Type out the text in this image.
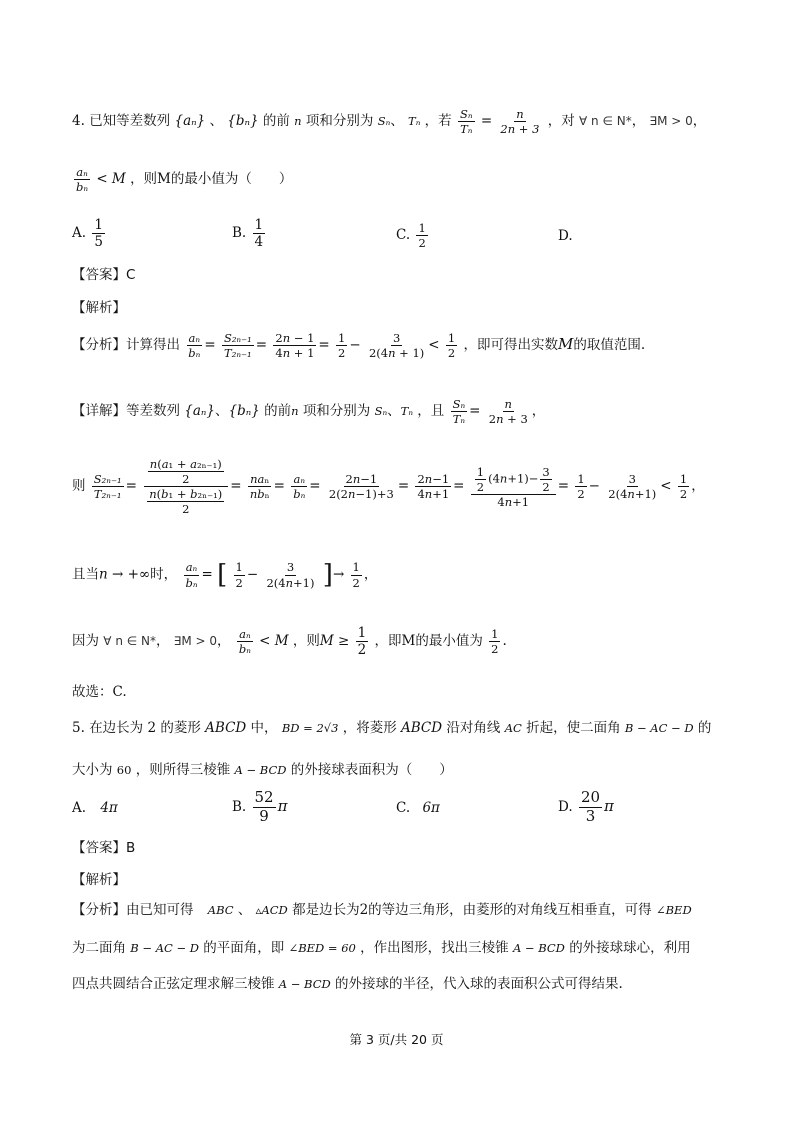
4. 已知等差数列 {aₙ} 、 {bₙ} 的前 n 项和分别为 Sₙ、 Tₙ ，若 $\frac{\text{Sₙ}}{\text{Tₙ}} = \frac{n}{2n + 3}$ ，对 ∀ n ∈ N*， ∃M > 0，
$\frac{\text{aₙ}}{\text{bₙ}} < M$ ，则M的最小值为（　　）
A. $\frac{1}{5}$	B. $\frac{1}{4}$	C. $\frac{1}{2}$	D.
【答案】C
【解析】
【分析】计算得出 $\frac{\text{aₙ}}{\text{bₙ}} = \frac{\text{S₂ₙ₋₁}}{\text{T₂ₙ₋₁}} = \frac{2n - 1}{4n + 1} = \frac{1}{2} - \frac{3}{2(4n + 1)} < \frac{1}{2}$ ，即可得出实数M的取值范围.
【详解】等差数列 {aₙ}、{bₙ} 的前n 项和分别为 Sₙ、Tₙ ，且 $\frac{\text{Sₙ}}{\text{Tₙ}} = \frac{n}{2n + 3}$ ，
则 $\frac{\text{S₂ₙ₋₁}}{\text{T₂ₙ₋₁}} = \frac{\frac{\text{n(a₁ + a₂ₙ₋₁)}}{2}}{\frac{\text{n(b₁ + b₂ₙ₋₁)}}{2}} = \frac{\text{naₙ}}{\text{nbₙ}} = \frac{\text{aₙ}}{\text{bₙ}} = \frac{2n-1}{2(2n-1)+3} = \frac{2n-1}{4n+1} = \frac{\frac{1}{2} (4n+1)- \frac{3}{2}}{4n+1} = \frac{1}{2} - \frac{3}{2(4n+1)} < \frac{1}{2}$ ，
且当n → +∞时， $\frac{\text{aₙ}}{\text{bₙ}}$ = [ $\frac{1}{2} - \frac{3}{2(4n+1)}$ ]→ $\frac{1}{2}$ ，
因为 ∀ n ∈ N*， ∃M > 0， $\frac{\text{aₙ}}{\text{bₙ}} < M$ ，则$M \ge \frac{1}{2}$ ，即M的最小值为 $\frac{1}{2}$ .
故选：C.
5. 在边长为 2 的菱形 ABCD 中， BD = 2√3 ，将菱形 ABCD 沿对角线 AC 折起，使二面角 B − AC − D 的
大小为 60 ，则所得三棱锥 A − BCD 的外接球表面积为（　　）
A. 4π	B. $\frac{52}{9}$ π	C. 6π	D. $\frac{20}{3}$ π
【答案】B
【解析】
【分析】由已知可得 ABC 、 ▵ACD 都是边长为2的等边三角形，由菱形的对角线互相垂直，可得 ∠BED
为二面角 B − AC − D 的平面角，即 ∠BED = 60 ，作出图形，找出三棱锥 A − BCD 的外接球球心，利用
四点共圆结合正弦定理求解三棱锥 A − BCD 的外接球的半径，代入球的表面积公式可得结果.
第 3 页/共 20 页
